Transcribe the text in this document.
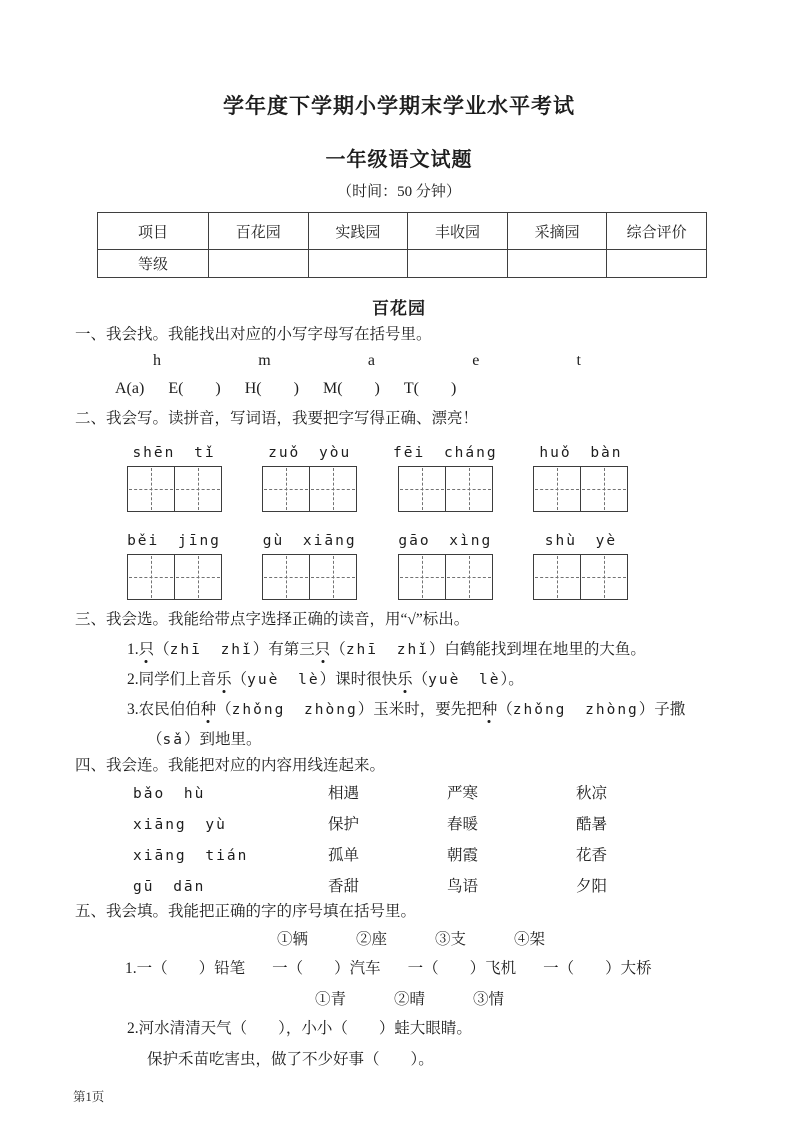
学年度下学期小学期末学业水平考试
一年级语文试题
（时间：50 分钟）
项目	百花园	实践园	丰收园	采摘园	综合评价
等级					
百花园
一、我会找。我能找出对应的小写字母写在括号里。
h	m	a	e	t
A(a) E(　　) H(　　) M(　　) T(　　)
二、我会写。读拼音，写词语，我要把字写得正确、漂亮！
shēn tǐ	zuǒ yòu	fēi cháng	huǒ bàn
běi jīng	gù xiāng	gāo xìng	shù yè
三、我会选。我能给带点字选择正确的读音，用“√”标出。
1.只（zhī zhǐ）有第三只（zhī zhǐ）白鹤能找到埋在地里的大鱼。
2.同学们上音乐（yuè lè）课时很快乐（yuè lè）。
3.农民伯伯种（zhǒng zhòng）玉米时，要先把种（zhǒng zhòng）子撒
（sǎ）到地里。
四、我会连。我能把对应的内容用线连起来。
bǎo hù	相遇	严寒	秋凉
xiāng yù	保护	春暖	酷暑
xiāng tián	孤单	朝霞	花香
gū dān	香甜	鸟语	夕阳
五、我会填。我能把正确的字的序号填在括号里。
①辆	②座	③支	④架
1.一（　　）铅笔 一（　　）汽车 一（　　）飞机 一（　　）大桥
①青	②晴	③情
2.河水清清天气（　　），小小（　　）蛙大眼睛。
保护禾苗吃害虫，做了不少好事（　　）。
第1页
